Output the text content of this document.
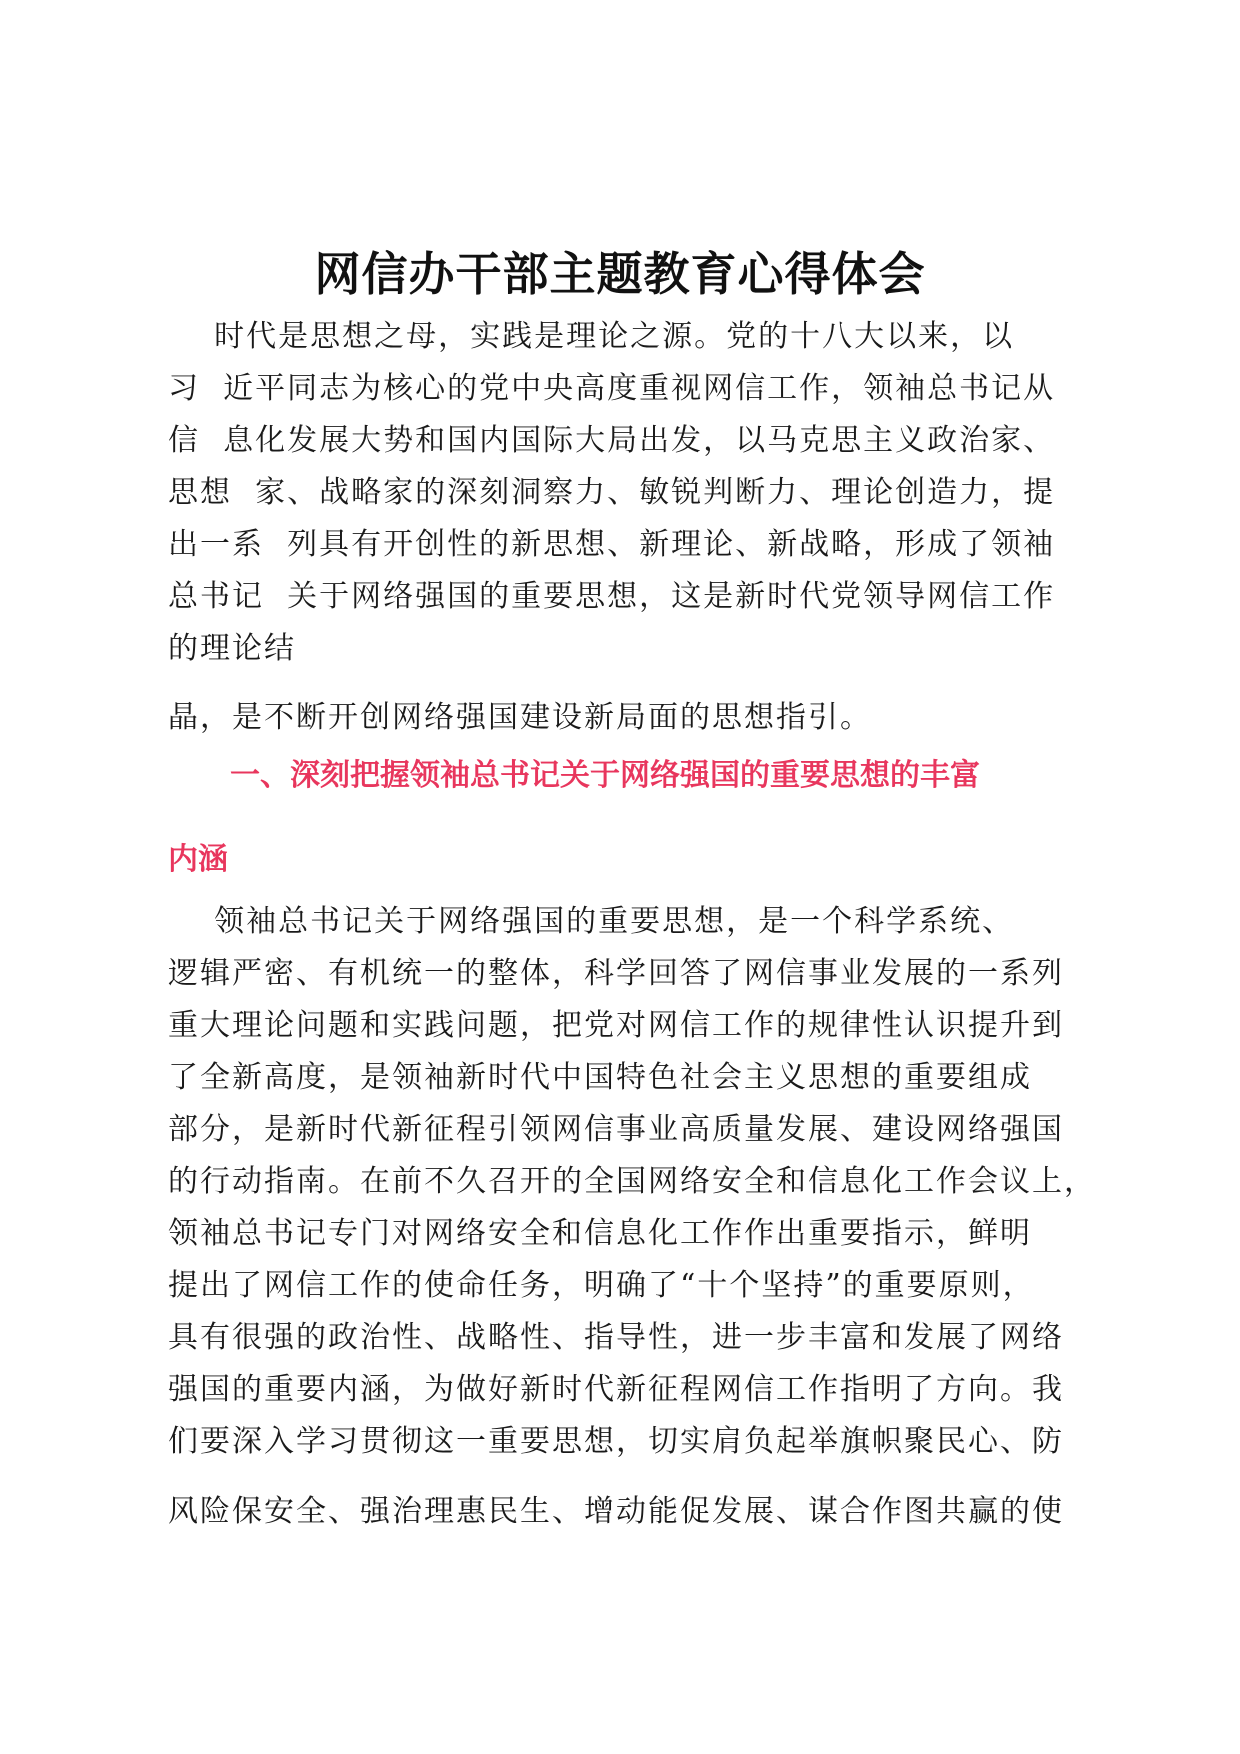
网信办干部主题教育心得体会
时代是思想之母，实践是理论之源。党的十八大以来，以
习  近平同志为核心的党中央高度重视网信工作，领袖总书记从
信  息化发展大势和国内国际大局出发，以马克思主义政治家、
思想  家、战略家的深刻洞察力、敏锐判断力、理论创造力，提
出一系  列具有开创性的新思想、新理论、新战略，形成了领袖
总书记  关于网络强国的重要思想，这是新时代党领导网信工作
的理论结
晶，是不断开创网络强国建设新局面的思想指引。
一、深刻把握领袖总书记关于网络强国的重要思想的丰富
内涵
领袖总书记关于网络强国的重要思想，是一个科学系统、
逻辑严密、有机统一的整体，科学回答了网信事业发展的一系列
重大理论问题和实践问题，把党对网信工作的规律性认识提升到
了全新高度，是领袖新时代中国特色社会主义思想的重要组成
部分，是新时代新征程引领网信事业高质量发展、建设网络强国
的行动指南。在前不久召开的全国网络安全和信息化工作会议上，
领袖总书记专门对网络安全和信息化工作作出重要指示，鲜明
提出了网信工作的使命任务，明确了“十个坚持”的重要原则，
具有很强的政治性、战略性、指导性，进一步丰富和发展了网络
强国的重要内涵，为做好新时代新征程网信工作指明了方向。我
们要深入学习贯彻这一重要思想，切实肩负起举旗帜聚民心、防
风险保安全、强治理惠民生、增动能促发展、谋合作图共赢的使
